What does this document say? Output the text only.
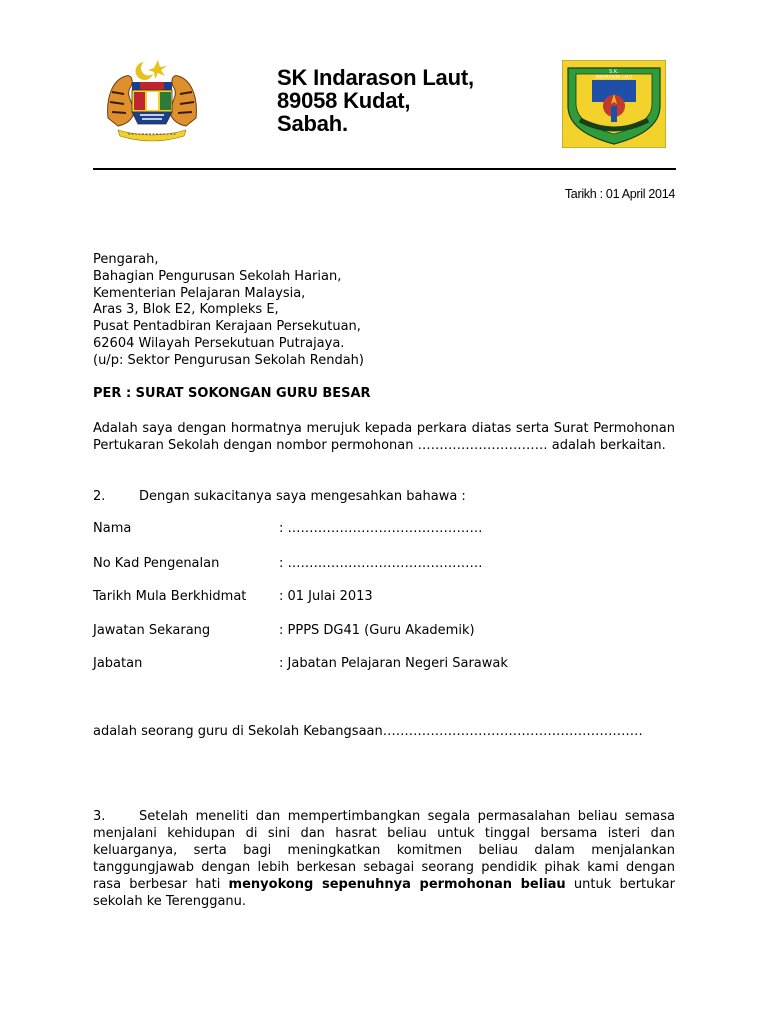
S.K.
INDARASON LAUT
SK Indarason Laut,
89058 Kudat,
Sabah.
Tarikh : 01 April 2014
Pengarah,
Bahagian Pengurusan Sekolah Harian,
Kementerian Pelajaran Malaysia,
Aras 3, Blok E2, Kompleks E,
Pusat Pentadbiran Kerajaan Persekutuan,
62604 Wilayah Persekutuan Putrajaya.
(u/p: Sektor Pengurusan Sekolah Rendah)
PER : SURAT SOKONGAN GURU BESAR
Adalah saya dengan hormatnya merujuk kepada perkara diatas serta Surat Permohonan Pertukaran Sekolah dengan nombor permohonan ………………………… adalah berkaitan.
2.	Dengan sukacitanya saya mengesahkan bahawa :
Nama	: ………………………………………
No Kad Pengenalan	: ………………………………………
Tarikh Mula Berkhidmat	: 01 Julai 2013
Jawatan Sekarang	: PPPS DG41 (Guru Akademik)
Jabatan	: Jabatan Pelajaran Negeri Sarawak
adalah seorang guru di Sekolah Kebangsaan……………………………………………………
3.	Setelah meneliti dan mempertimbangkan segala permasalahan beliau semasa menjalani kehidupan di sini dan hasrat beliau untuk tinggal bersama isteri dan keluarganya, serta bagi meningkatkan komitmen beliau dalam menjalankan tanggungjawab dengan lebih berkesan sebagai seorang pendidik pihak kami dengan rasa berbesar hati menyokong sepenuhnya permohonan beliau untuk bertukar sekolah ke Terengganu.
